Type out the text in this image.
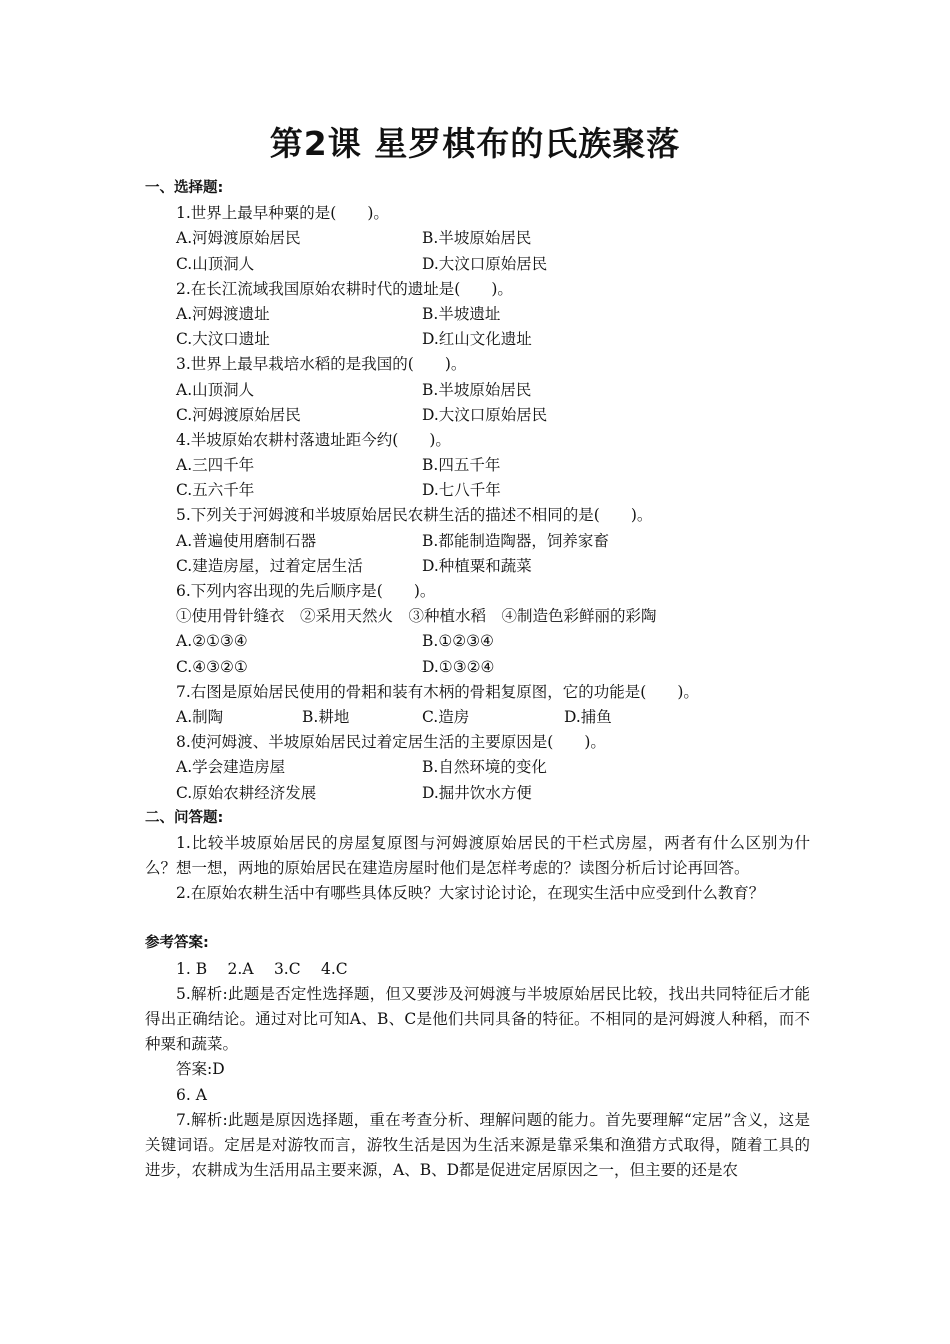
第2课 星罗棋布的氏族聚落
一、选择题:
1.世界上最早种粟的是(　　)。
A.河姆渡原始居民	B.半坡原始居民
C.山顶洞人	D.大汶口原始居民
2.在长江流域我国原始农耕时代的遗址是(　　)。
A.河姆渡遗址	B.半坡遗址
C.大汶口遗址	D.红山文化遗址
3.世界上最早栽培水稻的是我国的(　　)。
A.山顶洞人	B.半坡原始居民
C.河姆渡原始居民	D.大汶口原始居民
4.半坡原始农耕村落遗址距今约(　　)。
A.三四千年	B.四五千年
C.五六千年	D.七八千年
5.下列关于河姆渡和半坡原始居民农耕生活的描述不相同的是(　　)。
A.普遍使用磨制石器	B.都能制造陶器，饲养家畜
C.建造房屋，过着定居生活	D.种植粟和蔬菜
6.下列内容出现的先后顺序是(　　)。
①使用骨针缝衣　②采用天然火　③种植水稻　④制造色彩鲜丽的彩陶
A.②①③④	B.①②③④
C.④③②①	D.①③②④
7.右图是原始居民使用的骨耜和装有木柄的骨耜复原图，它的功能是(　　)。
A.制陶	B.耕地	C.造房	D.捕鱼
8.使河姆渡、半坡原始居民过着定居生活的主要原因是(　　)。
A.学会建造房屋	B.自然环境的变化
C.原始农耕经济发展	D.掘井饮水方便
二、问答题:
1.比较半坡原始居民的房屋复原图与河姆渡原始居民的干栏式房屋，两者有什么区别为什么？想一想，两地的原始居民在建造房屋时他们是怎样考虑的？读图分析后讨论再回答。
2.在原始农耕生活中有哪些具体反映？大家讨论讨论，在现实生活中应受到什么教育？
参考答案:
1. B　 2.A　 3.C　 4.C
5.解析:此题是否定性选择题，但又要涉及河姆渡与半坡原始居民比较，找出共同特征后才能得出正确结论。通过对比可知A、B、C是他们共同具备的特征。不相同的是河姆渡人种稻，而不种粟和蔬菜。
答案:D
6. A
7.解析:此题是原因选择题，重在考查分析、理解问题的能力。首先要理解“定居”含义，这是关键词语。定居是对游牧而言，游牧生活是因为生活来源是靠采集和渔猎方式取得，随着工具的进步，农耕成为生活用品主要来源，A、B、D都是促进定居原因之一，但主要的还是农
